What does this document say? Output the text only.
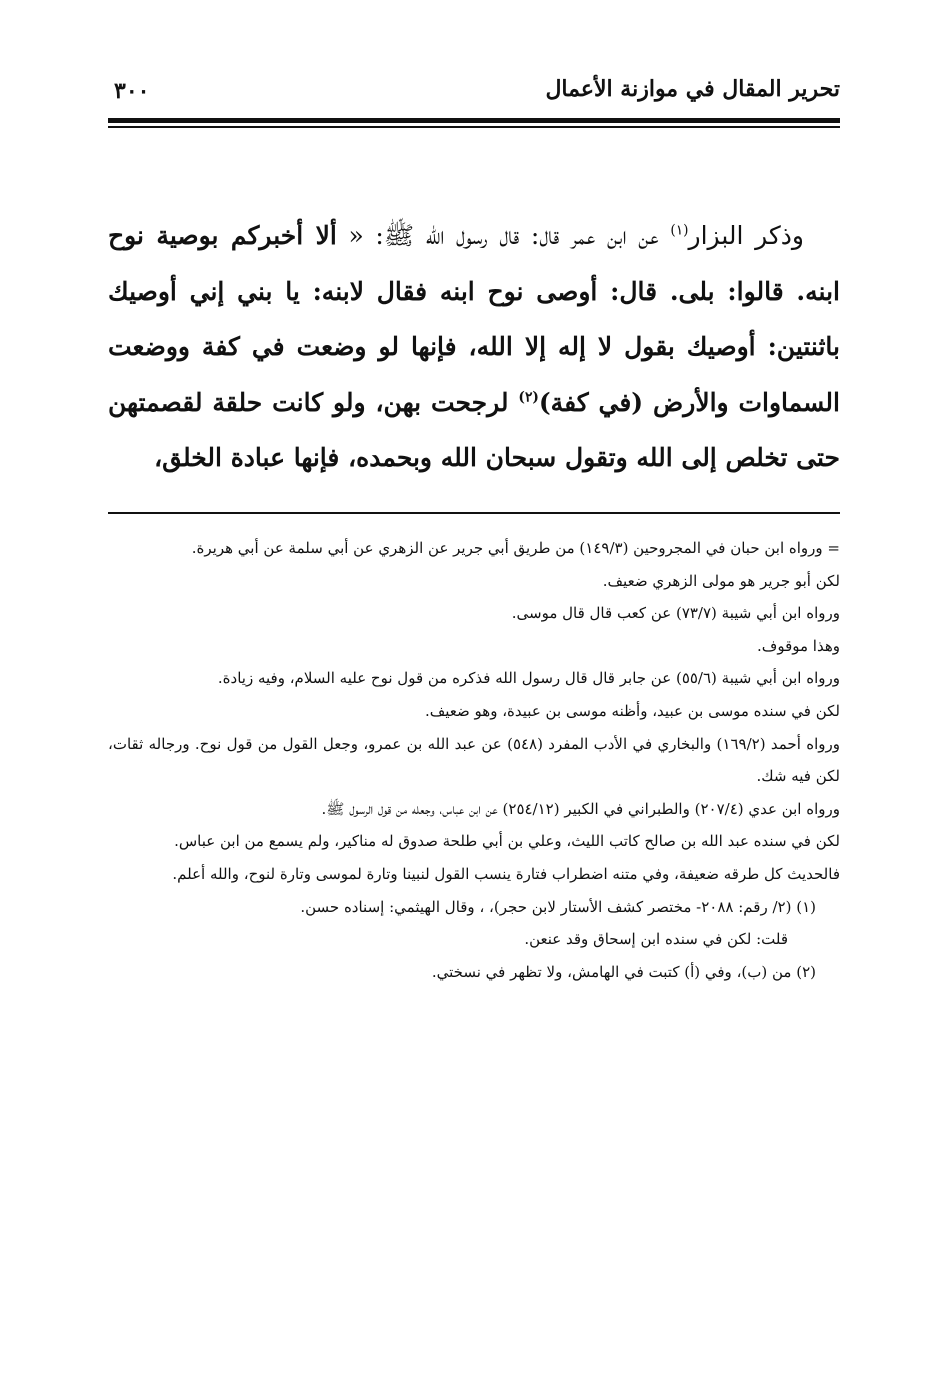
تحرير المقال في موازنة الأعمال
٣٠٠
وذكر البزار$^{(١)}$ عن ابن عمر قال: قال رسول الله ﷺ: « ألا أخبركم بوصية نوح ابنه. قالوا: بلى. قال: أوصى نوح ابنه فقال لابنه: يا بني إني أوصيك باثنتين: أوصيك بقول لا إله إلا الله، فإنها لو وضعت في كفة ووضعت السماوات والأرض (في كفة)$^{(٢)}$ لرجحت بهن، ولو كانت حلقة لقصمتهن حتى تخلص إلى الله وتقول سبحان الله وبحمده، فإنها عبادة الخلق،

= ورواه ابن حبان في المجروحين (١٤٩/٣) من طريق أبي جرير عن الزهري عن أبي سلمة عن أبي هريرة.

لكن أبو جرير هو مولى الزهري ضعيف.

ورواه ابن أبي شيبة (٧٣/٧) عن كعب قال قال موسى.

وهذا موقوف.

ورواه ابن أبي شيبة (٥٥/٦) عن جابر قال قال رسول الله فذكره من قول نوح عليه السلام، وفيه زيادة.

لكن في سنده موسى بن عبيد، وأظنه موسى بن عبيدة، وهو ضعيف.

ورواه أحمد (١٦٩/٢) والبخاري في الأدب المفرد (٥٤٨) عن عبد الله بن عمرو، وجعل القول من قول نوح. ورجاله ثقات، لكن فيه شك.

ورواه ابن عدي (٢٠٧/٤) والطبراني في الكبير (٢٥٤/١٢) عن ابن عباس، وجعله من قول الرسول ﷺ.

لكن في سنده عبد الله بن صالح كاتب الليث، وعلي بن أبي طلحة صدوق له مناكير، ولم يسمع من ابن عباس.

فالحديث كل طرقه ضعيفة، وفي متنه اضطراب فتارة ينسب القول لنبينا وتارة لموسى وتارة لنوح، والله أعلم.

(١) (٢/ رقم: ٢٠٨٨- مختصر كشف الأستار لابن حجر)، ، وقال الهيثمي: إسناده حسن.

قلت: لكن في سنده ابن إسحاق وقد عنعن.

(٢) من (ب)، وفي (أ) كتبت في الهامش، ولا تظهر في نسختي.
